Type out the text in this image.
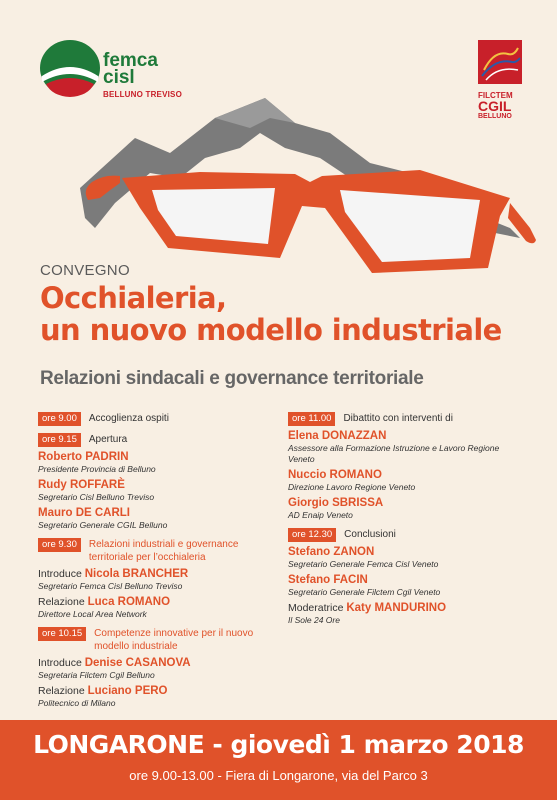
femca
cisl
BELLUNO TREVISO	FILCTEM
CGIL
BELLUNO
CONVEGNO
Occhialeria,
un nuovo modello industriale
Relazioni sindacali e governance territoriale
ore 9.00	Accoglienza ospiti
ore 9.15	Apertura
Roberto PADRIN
Presidente Provincia di Belluno
Rudy ROFFARÈ
Segretario Cisl Belluno Treviso
Mauro DE CARLI
Segretario Generale CGIL Belluno
ore 9.30	Relazioni industriali e governance territoriale per l’occhialeria
Introduce Nicola BRANCHER
Segretario Femca Cisl Belluno Treviso
Relazione Luca ROMANO
Direttore Local Area Network
ore 10.15	Competenze innovative per il nuovo modello industriale
Introduce Denise CASANOVA
Segretaria Filctem Cgil Belluno
Relazione Luciano PERO
Politecnico di Milano
ore 11.00	Dibattito con interventi di
Elena DONAZZAN
Assessore alla Formazione Istruzione e Lavoro Regione Veneto
Nuccio ROMANO
Direzione Lavoro Regione Veneto
Giorgio SBRISSA
AD Enaip Veneto
ore 12.30	Conclusioni
Stefano ZANON
Segretario Generale Femca Cisl Veneto
Stefano FACIN
Segretario Generale Filctem Cgil Veneto
Moderatrice Katy MANDURINO
Il Sole 24 Ore
LONGARONE - giovedì 1 marzo 2018
ore 9.00-13.00 - Fiera di Longarone, via del Parco 3
